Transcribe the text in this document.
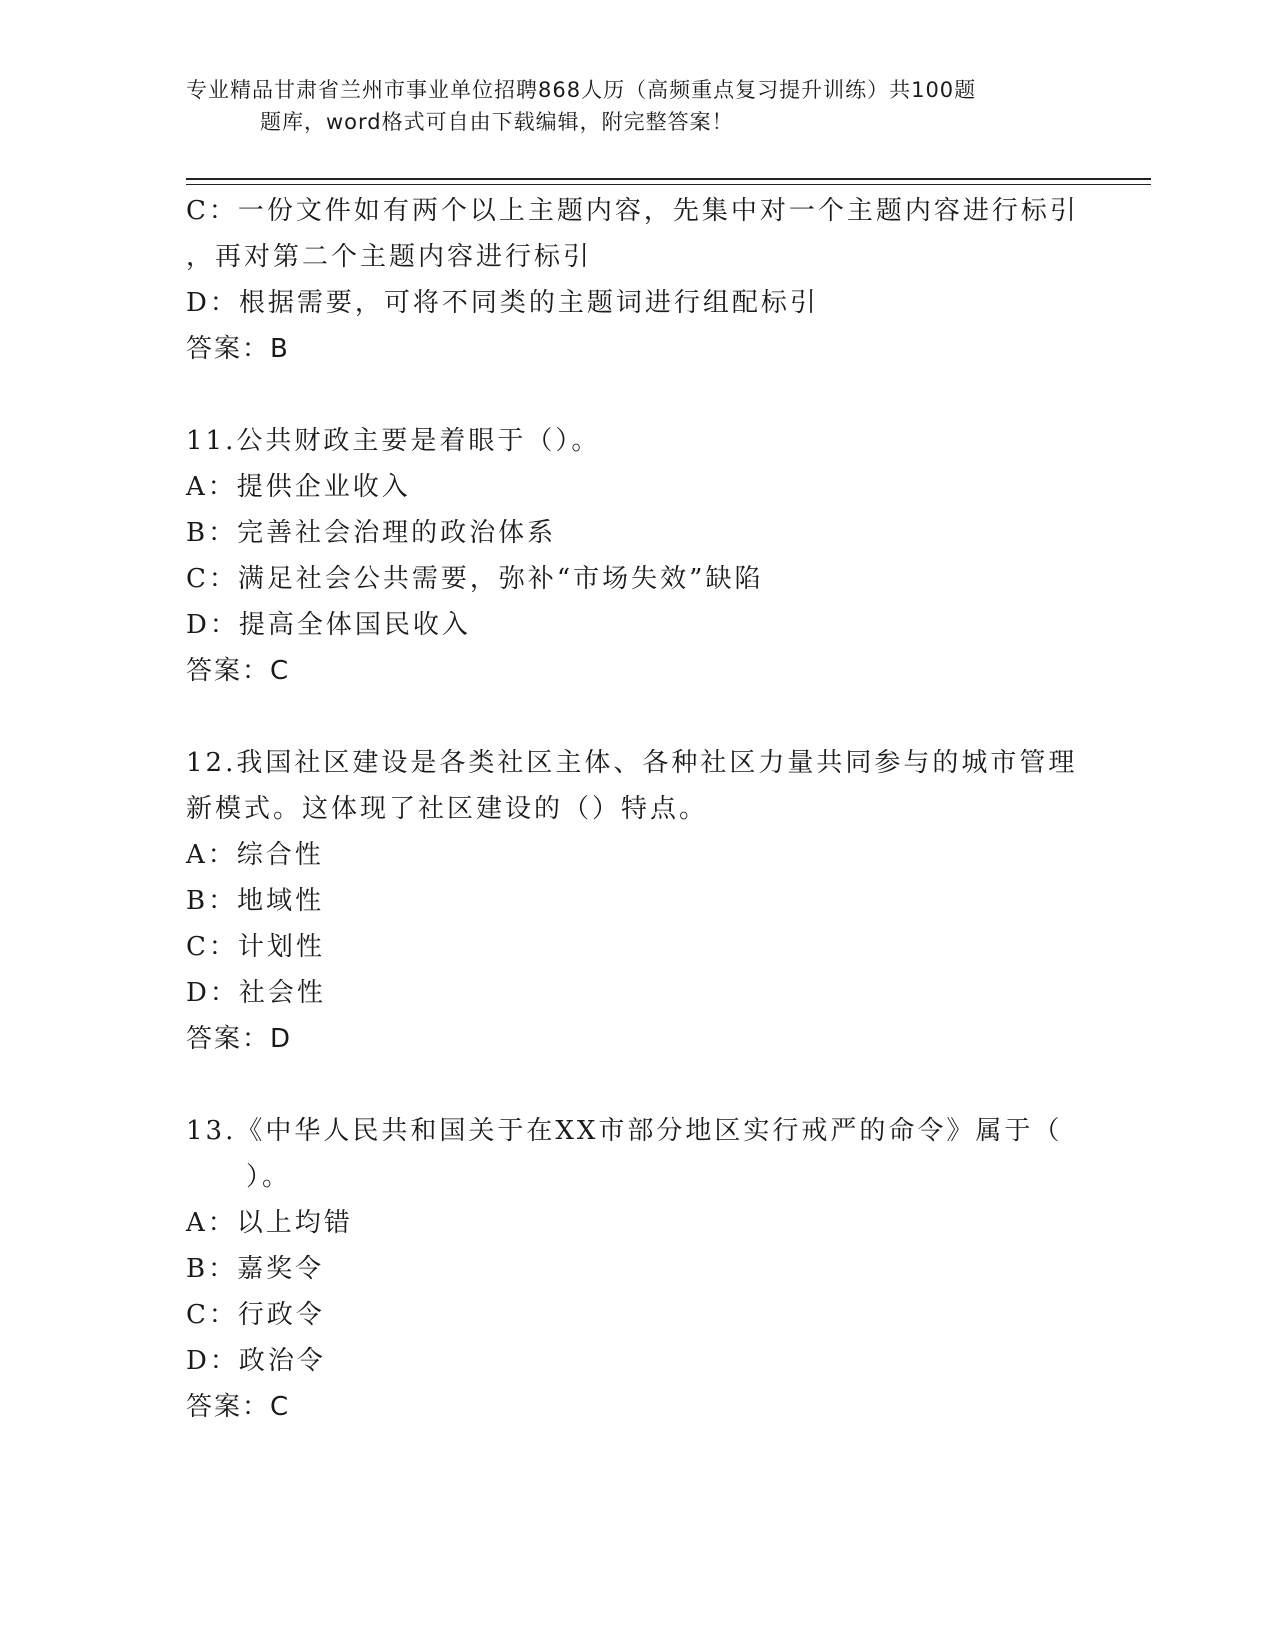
专业精品甘肃省兰州市事业单位招聘868人历（高频重点复习提升训练）共100题
题库，word格式可自由下载编辑，附完整答案！
C：一份文件如有两个以上主题内容，先集中对一个主题内容进行标引
，再对第二个主题内容进行标引
D：根据需要，可将不同类的主题词进行组配标引
答案：B
11.公共财政主要是着眼于（）。
A：提供企业收入
B：完善社会治理的政治体系
C：满足社会公共需要，弥补“市场失效”缺陷
D：提高全体国民收入
答案：C
12.我国社区建设是各类社区主体、各种社区力量共同参与的城市管理
新模式。这体现了社区建设的（）特点。
A：综合性
B：地域性
C：计划性
D：社会性
答案：D
13.《中华人民共和国关于在XX市部分地区实行戒严的命令》属于（
）。
A：以上均错
B：嘉奖令
C：行政令
D：政治令
答案：C
